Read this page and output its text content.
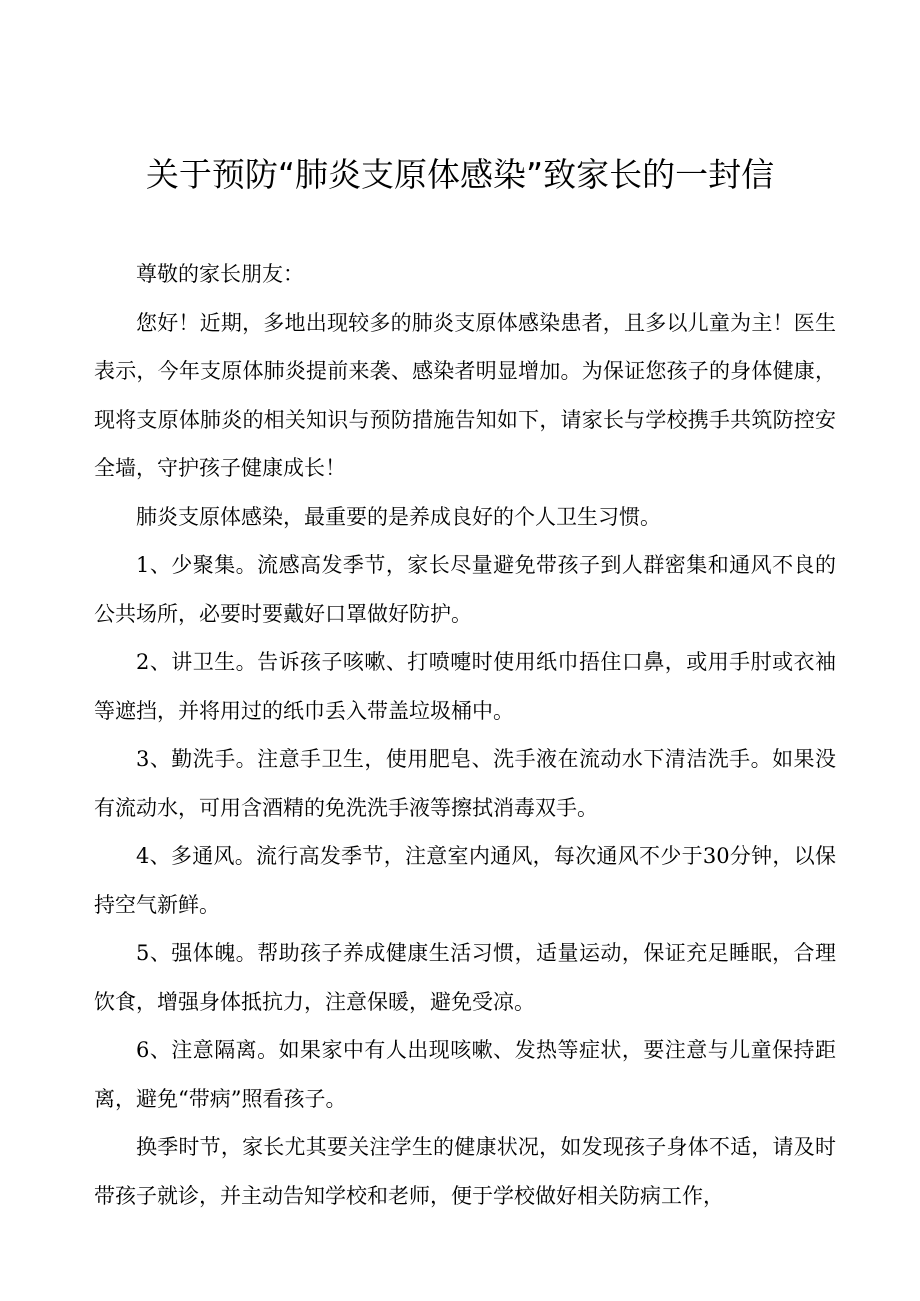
关于预防“肺炎支原体感染”致家长的一封信

尊敬的家长朋友：

您好！近期，多地出现较多的肺炎支原体感染患者，且多以儿童为主！医生表示，今年支原体肺炎提前来袭、感染者明显增加。为保证您孩子的身体健康，现将支原体肺炎的相关知识与预防措施告知如下，请家长与学校携手共筑防控安全墙，守护孩子健康成长！

肺炎支原体感染，最重要的是养成良好的个人卫生习惯。

1、少聚集。流感高发季节，家长尽量避免带孩子到人群密集和通风不良的公共场所，必要时要戴好口罩做好防护。

2、讲卫生。告诉孩子咳嗽、打喷嚏时使用纸巾捂住口鼻，或用手肘或衣袖等遮挡，并将用过的纸巾丢入带盖垃圾桶中。

3、勤洗手。注意手卫生，使用肥皂、洗手液在流动水下清洁洗手。如果没有流动水，可用含酒精的免洗洗手液等擦拭消毒双手。

4、多通风。流行高发季节，注意室内通风，每次通风不少于30分钟，以保持空气新鲜。

5、强体魄。帮助孩子养成健康生活习惯，适量运动，保证充足睡眠，合理饮食，增强身体抵抗力，注意保暖，避免受凉。

6、注意隔离。如果家中有人出现咳嗽、发热等症状，要注意与儿童保持距离，避免“带病”照看孩子。

换季时节，家长尤其要关注学生的健康状况，如发现孩子身体不适，请及时带孩子就诊，并主动告知学校和老师，便于学校做好相关防病工作，
